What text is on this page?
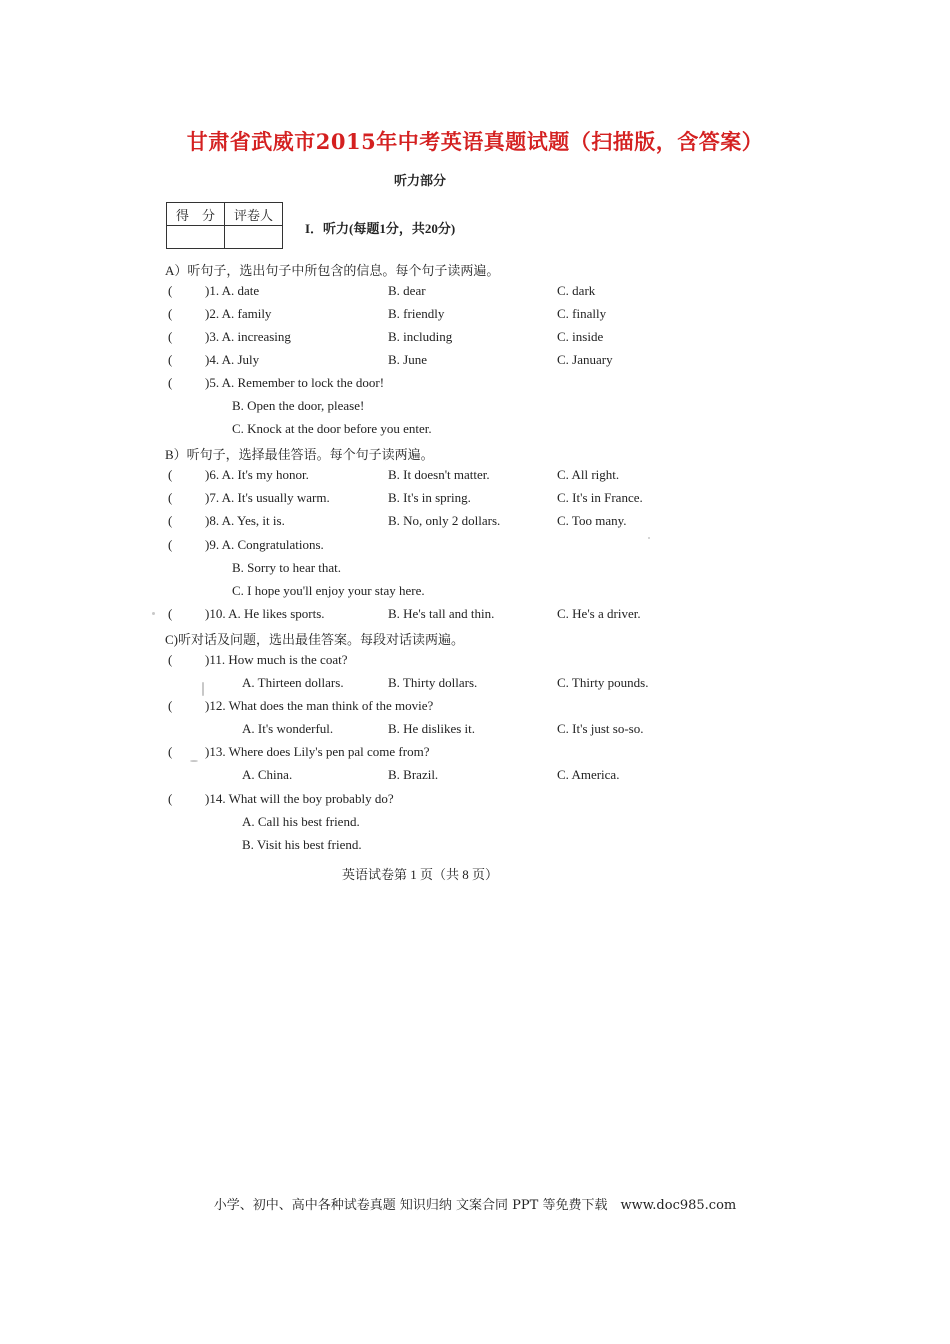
甘肃省武威市2015年中考英语真题试题（扫描版，含答案）
听力部分
得　分	评卷人

I．听力(每题1分，共20分)
A）听句子，选出句子中所包含的信息。每个句子读两遍。
(	)1. A. date	B. dear	C. dark
(	)2. A. family	B. friendly	C. finally
(	)3. A. increasing	B. including	C. inside
(	)4. A. July	B. June	C. January
(	)5. A. Remember to lock the door!
B. Open the door, please!
C. Knock at the door before you enter.
B）听句子，选择最佳答语。每个句子读两遍。
(	)6. A. It's my honor.	B. It doesn't matter.	C. All right.
(	)7. A. It's usually warm.	B. It's in spring.	C. It's in France.
(	)8. A. Yes, it is.	B. No, only 2 dollars.	C. Too many.
(	)9. A. Congratulations.
B. Sorry to hear that.
C. I hope you'll enjoy your stay here.
(	)10. A. He likes sports.	B. He's tall and thin.	C. He's a driver.
C)听对话及问题，选出最佳答案。每段对话读两遍。
(	)11. How much is the coat?
A. Thirteen dollars.	B. Thirty dollars.	C. Thirty pounds.
(	)12. What does the man think of the movie?
A. It's wonderful.	B. He dislikes it.	C. It's just so-so.
(	)13. Where does Lily's pen pal come from?
A. China.	B. Brazil.	C. America.
(	)14. What will the boy probably do?
A. Call his best friend.
B. Visit his best friend.
英语试卷第 1 页（共 8 页）
小学、初中、高中各种试卷真题 知识归纳 文案合同 PPT 等免费下载　www.doc985.com
